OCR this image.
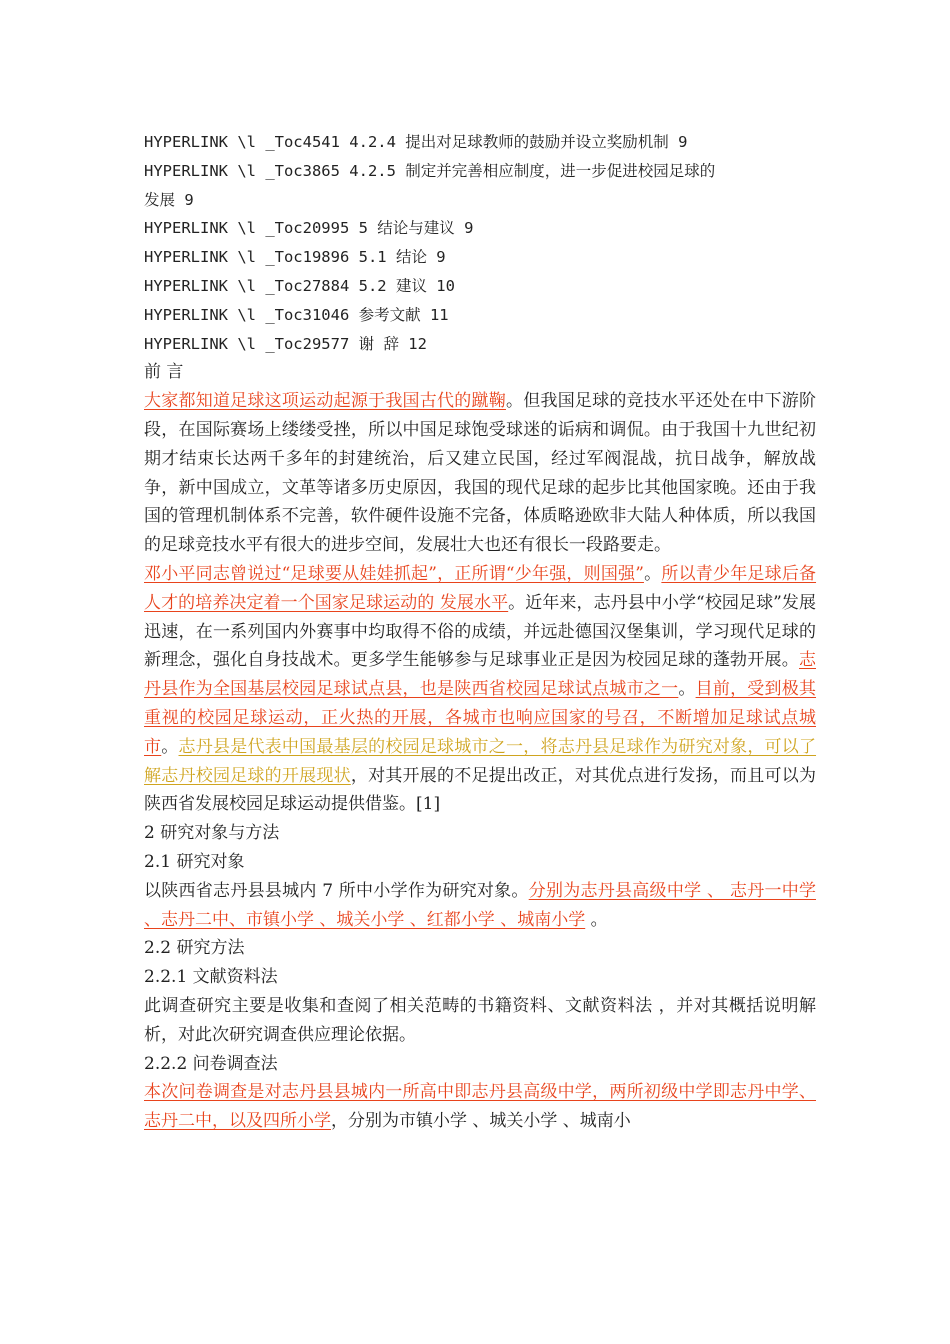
HYPERLINK \l _Toc4541 4.2.4 提出对足球教师的鼓励并设立奖励机制 9

HYPERLINK \l _Toc3865 4.2.5 制定并完善相应制度，进一步促进校园足球的

发展 9

HYPERLINK \l _Toc20995 5 结论与建议 9

HYPERLINK \l _Toc19896 5.1 结论 9

HYPERLINK \l _Toc27884 5.2 建议 10

HYPERLINK \l _Toc31046 参考文献 11

HYPERLINK \l _Toc29577 谢 辞 12

前 言

大家都知道足球这项运动起源于我国古代的蹴鞠。但我国足球的竞技水平还处在中下游阶段，在国际赛场上缕缕受挫，所以中国足球饱受球迷的诟病和调侃。由于我国十九世纪初期才结束长达两千多年的封建统治，后又建立民国，经过军阀混战，抗日战争，解放战争，新中国成立，文革等诸多历史原因，我国的现代足球的起步比其他国家晚。还由于我国的管理机制体系不完善，软件硬件设施不完备，体质略逊欧非大陆人种体质，所以我国的足球竞技水平有很大的进步空间，发展壮大也还有很长一段路要走。

邓小平同志曾说过“足球要从娃娃抓起”，正所谓“少年强，则国强”。所以青少年足球后备人才的培养决定着一个国家足球运动的 发展水平。近年来，志丹县中小学“校园足球”发展迅速，在一系列国内外赛事中均取得不俗的成绩，并远赴德国汉堡集训，学习现代足球的新理念，强化自身技战术。更多学生能够参与足球事业正是因为校园足球的蓬勃开展。志丹县作为全国基层校园足球试点县，也是陕西省校园足球试点城市之一。目前，受到极其重视的校园足球运动，正火热的开展，各城市也响应国家的号召，不断增加足球试点城市。志丹县是代表中国最基层的校园足球城市之一，将志丹县足球作为研究对象，可以了解志丹校园足球的开展现状，对其开展的不足提出改正，对其优点进行发扬，而且可以为陕西省发展校园足球运动提供借鉴。[1]

2 研究对象与方法

2.1 研究对象

以陕西省志丹县县城内 7 所中小学作为研究对象。分别为志丹县高级中学 、 志丹一中学 、志丹二中、市镇小学 、城关小学 、红都小学 、城南小学 。

2.2 研究方法

2.2.1 文献资料法

此调查研究主要是收集和查阅了相关范畴的书籍资料、文献资料法 ，并对其概括说明解析，对此次研究调查供应理论依据。

2.2.2 问卷调查法

本次问卷调查是对志丹县县城内一所高中即志丹县高级中学，两所初级中学即志丹中学、志丹二中，以及四所小学，分别为市镇小学 、城关小学 、城南小
